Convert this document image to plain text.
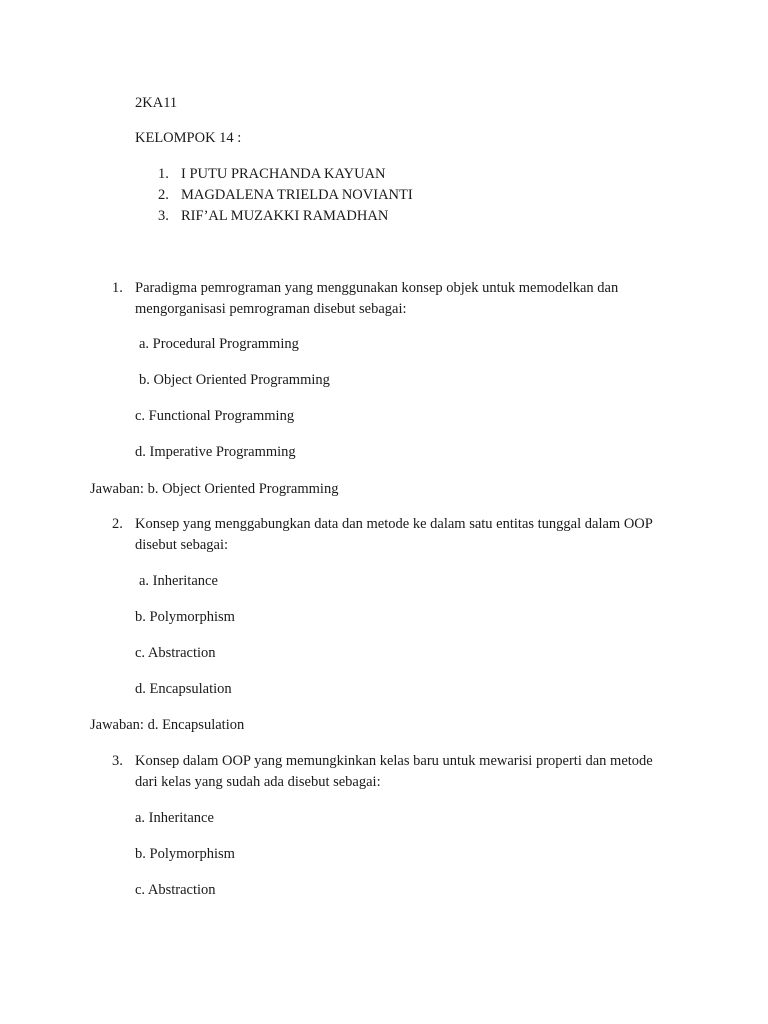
2KA11
KELOMPOK 14 :
1. I PUTU PRACHANDA KAYUAN
2. MAGDALENA TRIELDA NOVIANTI
3. RIF’AL MUZAKKI RAMADHAN
1. Paradigma pemrograman yang menggunakan konsep objek untuk memodelkan dan
mengorganisasi pemrograman disebut sebagai:
a. Procedural Programming
b. Object Oriented Programming
c. Functional Programming
d. Imperative Programming
Jawaban: b. Object Oriented Programming
2. Konsep yang menggabungkan data dan metode ke dalam satu entitas tunggal dalam OOP
disebut sebagai:
a. Inheritance
b. Polymorphism
c. Abstraction
d. Encapsulation
Jawaban: d. Encapsulation
3. Konsep dalam OOP yang memungkinkan kelas baru untuk mewarisi properti dan metode
dari kelas yang sudah ada disebut sebagai:
a. Inheritance
b. Polymorphism
c. Abstraction
